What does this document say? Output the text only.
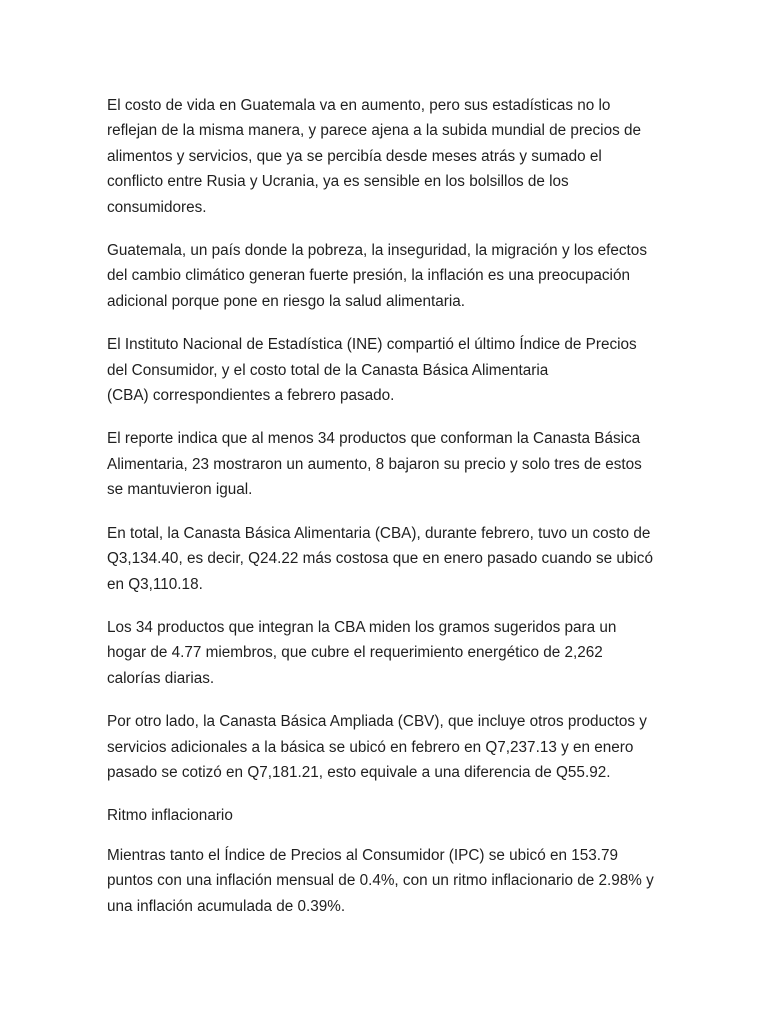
El costo de vida en Guatemala va en aumento, pero sus estadísticas no lo
reflejan de la misma manera, y parece ajena a la subida mundial de precios de
alimentos y servicios, que ya se percibía desde meses atrás y sumado el
conflicto entre Rusia y Ucrania, ya es sensible en los bolsillos de los
consumidores.

Guatemala, un país donde la pobreza, la inseguridad, la migración y los efectos
del cambio climático generan fuerte presión, la inflación es una preocupación
adicional porque pone en riesgo la salud alimentaria.

El Instituto Nacional de Estadística (INE) compartió el último Índice de Precios
del Consumidor, y el costo total de la Canasta Básica Alimentaria
(CBA) correspondientes a febrero pasado.

El reporte indica que al menos 34 productos que conforman la Canasta Básica
Alimentaria, 23 mostraron un aumento, 8 bajaron su precio y solo tres de estos
se mantuvieron igual.

En total, la Canasta Básica Alimentaria (CBA), durante febrero, tuvo un costo de
Q3,134.40, es decir, Q24.22 más costosa que en enero pasado cuando se ubicó
en Q3,110.18.

Los 34 productos que integran la CBA miden los gramos sugeridos para un
hogar de 4.77 miembros, que cubre el requerimiento energético de 2,262
calorías diarias.

Por otro lado, la Canasta Básica Ampliada (CBV), que incluye otros productos y
servicios adicionales a la básica se ubicó en febrero en Q7,237.13 y en enero
pasado se cotizó en Q7,181.21, esto equivale a una diferencia de Q55.92.

Ritmo inflacionario

Mientras tanto el Índice de Precios al Consumidor (IPC) se ubicó en 153.79
puntos con una inflación mensual de 0.4%, con un ritmo inflacionario de 2.98% y
una inflación acumulada de 0.39%.
